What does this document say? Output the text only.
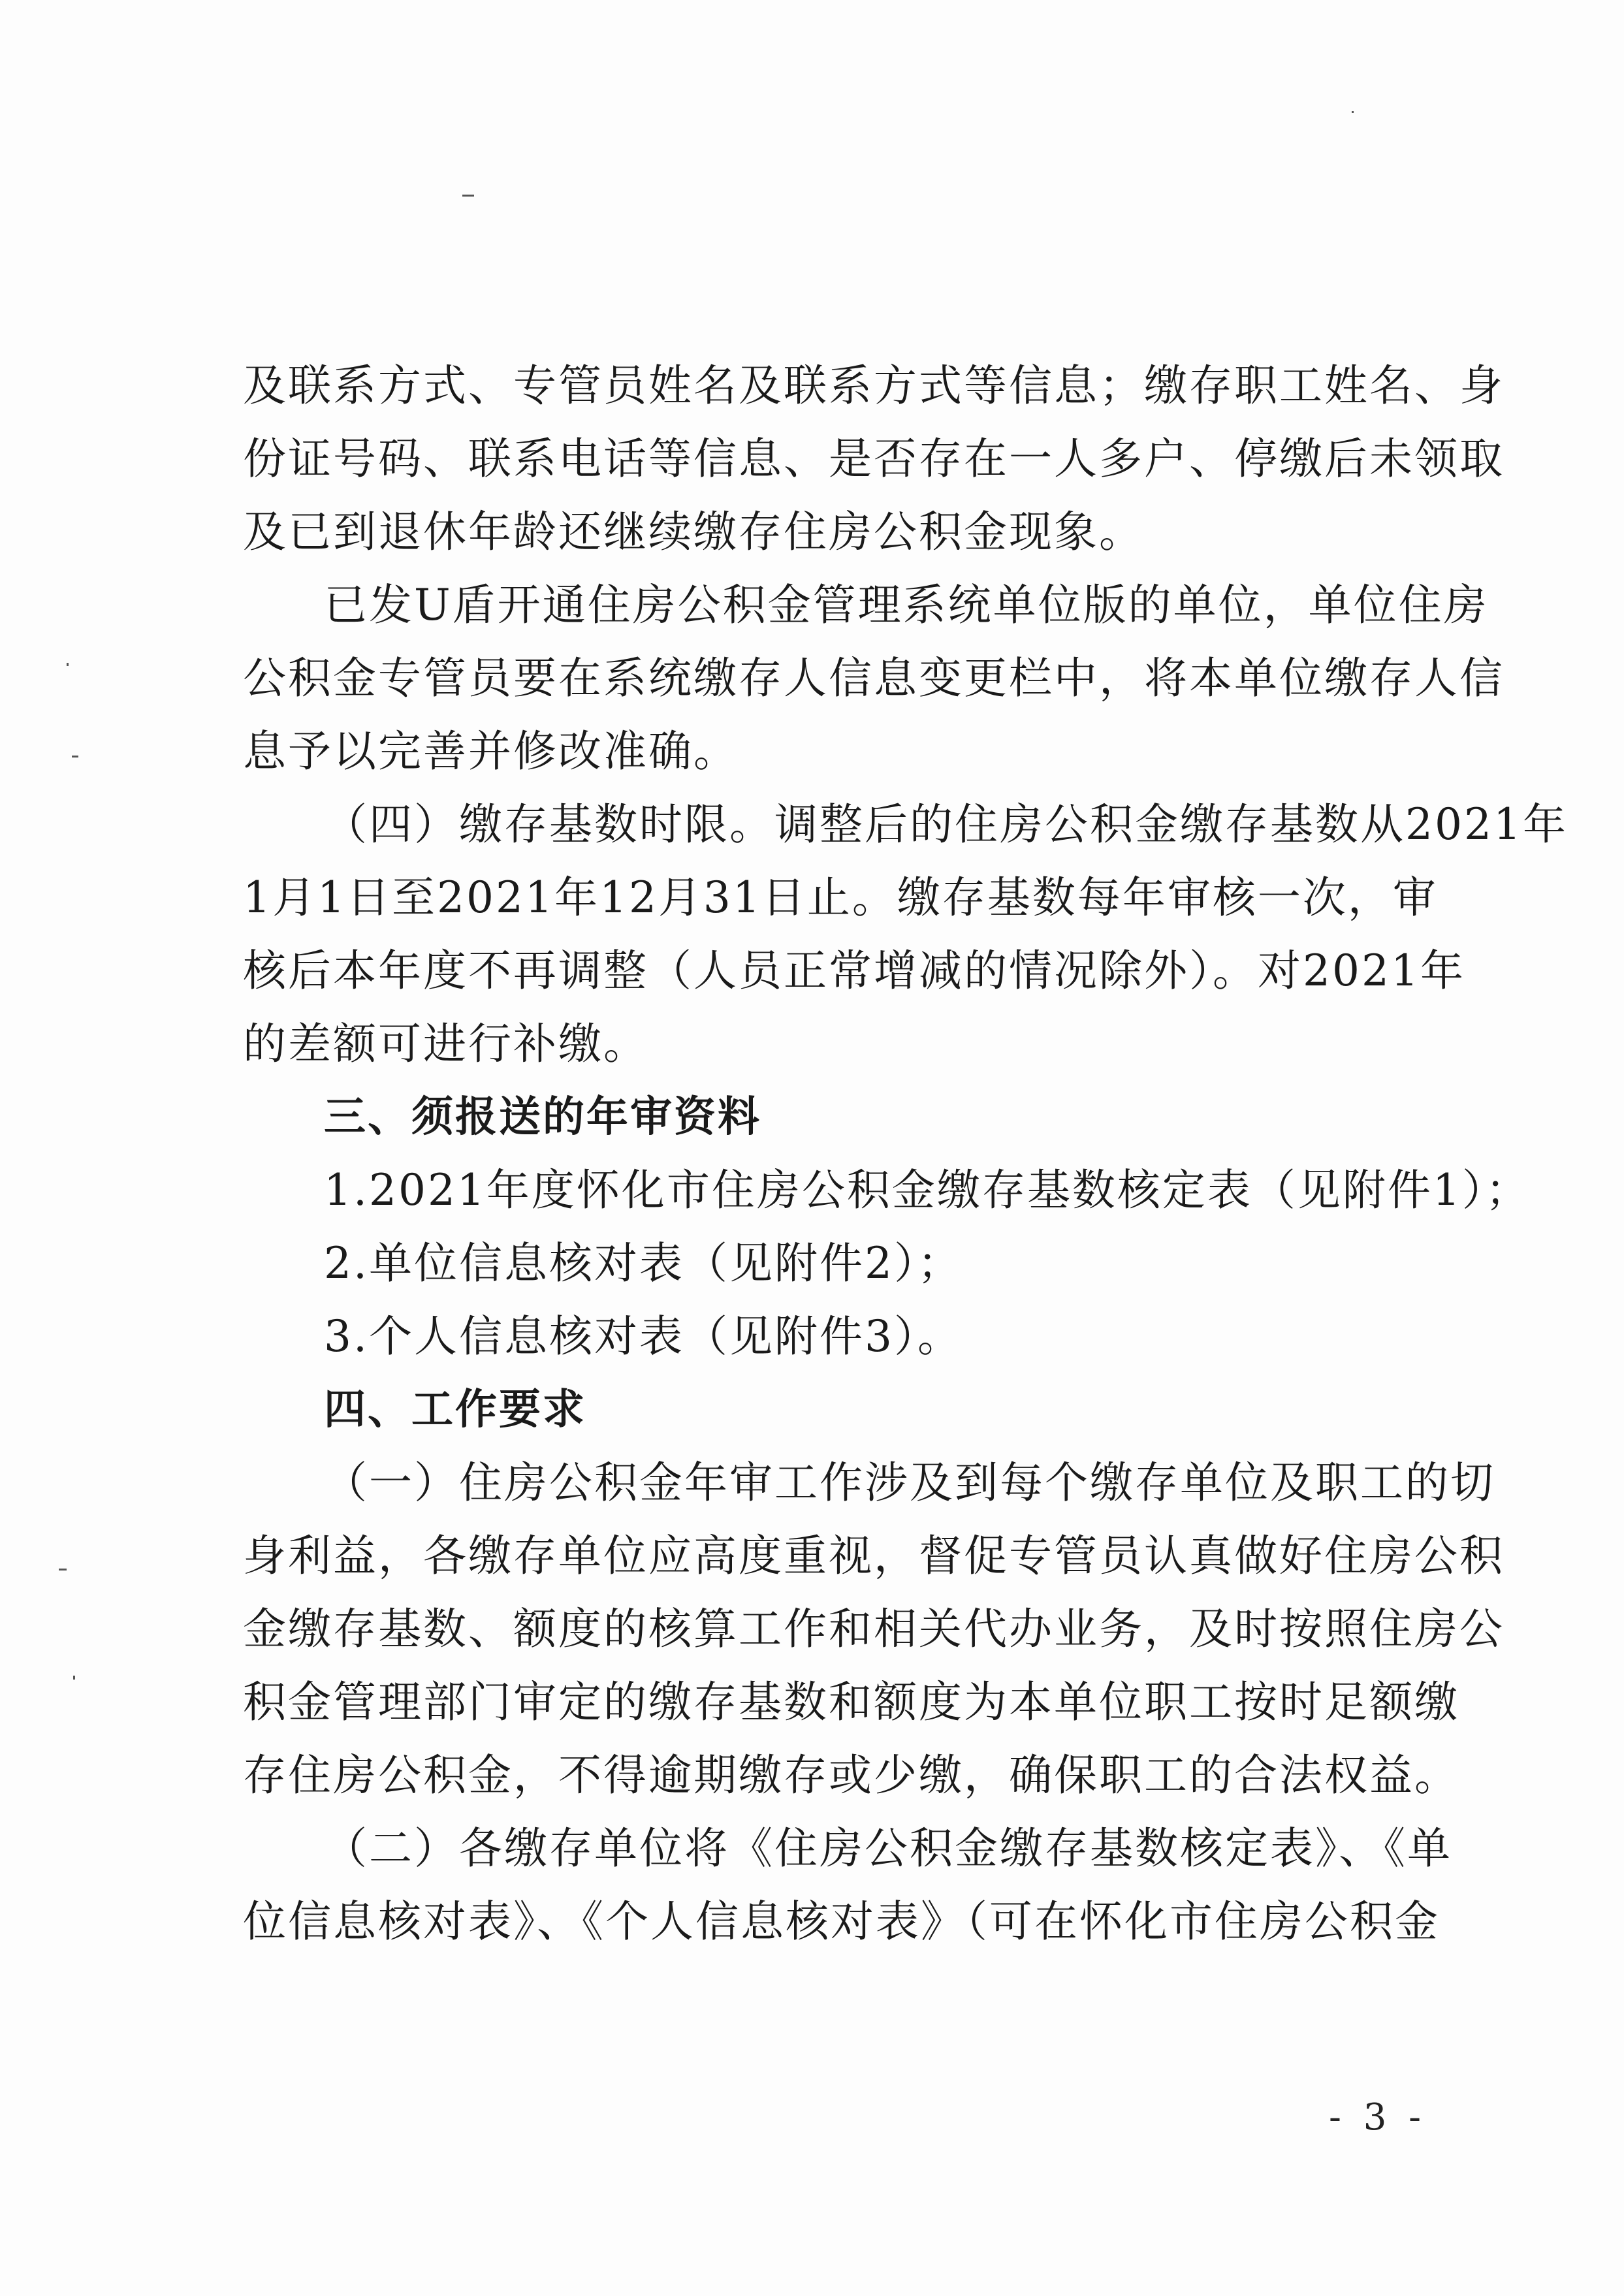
及联系方式、专管员姓名及联系方式等信息；缴存职工姓名、身
份证号码、联系电话等信息、是否存在一人多户、停缴后未领取
及已到退休年龄还继续缴存住房公积金现象。
已发U盾开通住房公积金管理系统单位版的单位，单位住房
公积金专管员要在系统缴存人信息变更栏中，将本单位缴存人信
息予以完善并修改准确。
（四）缴存基数时限。调整后的住房公积金缴存基数从2021年
1月1日至2021年12月31日止。缴存基数每年审核一次，审
核后本年度不再调整（人员正常增减的情况除外）。对2021年
的差额可进行补缴。
三、须报送的年审资料
1.2021年度怀化市住房公积金缴存基数核定表（见附件1）；
2.单位信息核对表（见附件2）；
3.个人信息核对表（见附件3）。
四、工作要求
（一）住房公积金年审工作涉及到每个缴存单位及职工的切
身利益，各缴存单位应高度重视，督促专管员认真做好住房公积
金缴存基数、额度的核算工作和相关代办业务，及时按照住房公
积金管理部门审定的缴存基数和额度为本单位职工按时足额缴
存住房公积金，不得逾期缴存或少缴，确保职工的合法权益。
（二）各缴存单位将《住房公积金缴存基数核定表》、《单
位信息核对表》、《个人信息核对表》（可在怀化市住房公积金
- 3 -
